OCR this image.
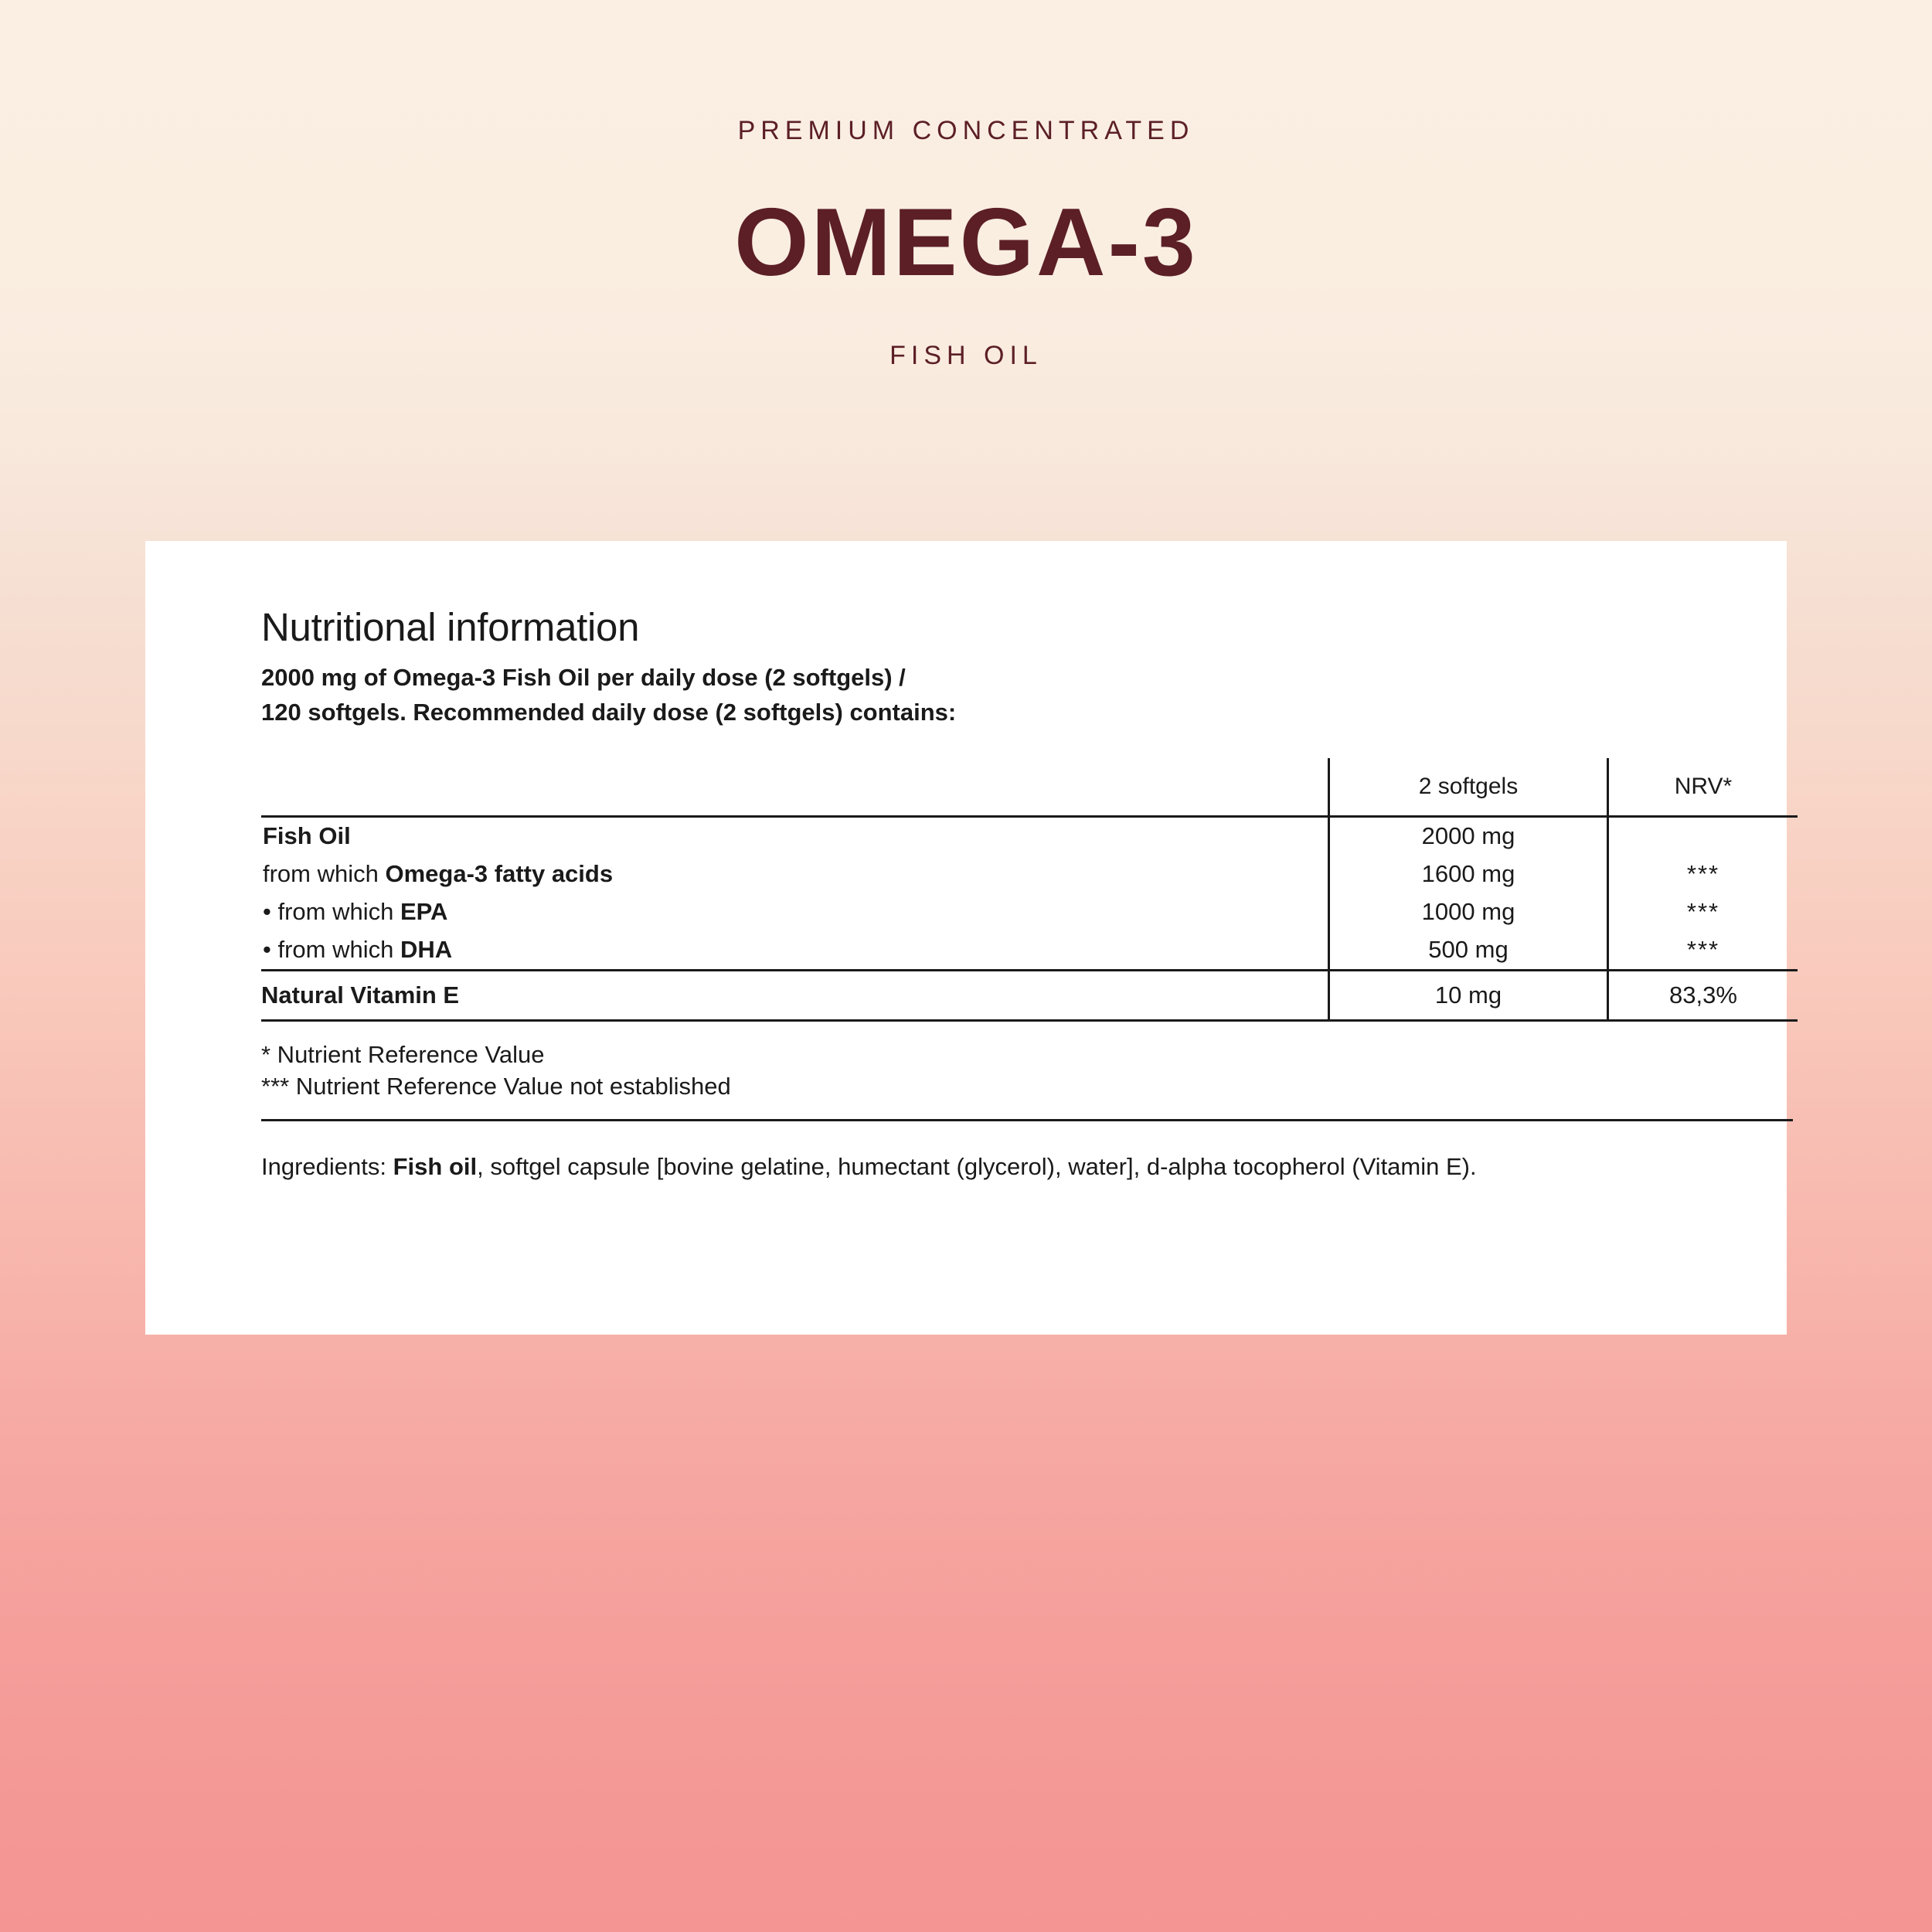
PREMIUM CONCENTRATED
OMEGA-3
FISH OIL
Nutritional information
2000 mg of Omega-3 Fish Oil per daily dose (2 softgels) /
120 softgels. Recommended daily dose (2 softgels) contains:
	2 softgels	NRV*
Fish Oil	2000 mg	
from which Omega-3 fatty acids	1600 mg	***
• from which EPA	1000 mg	***
• from which DHA	500 mg	***

Natural Vitamin E	10 mg	83,3%
* Nutrient Reference Value
*** Nutrient Reference Value not established
Ingredients: Fish oil, softgel capsule [bovine gelatine, humectant (glycerol), water], d-alpha tocopherol (Vitamin E).
